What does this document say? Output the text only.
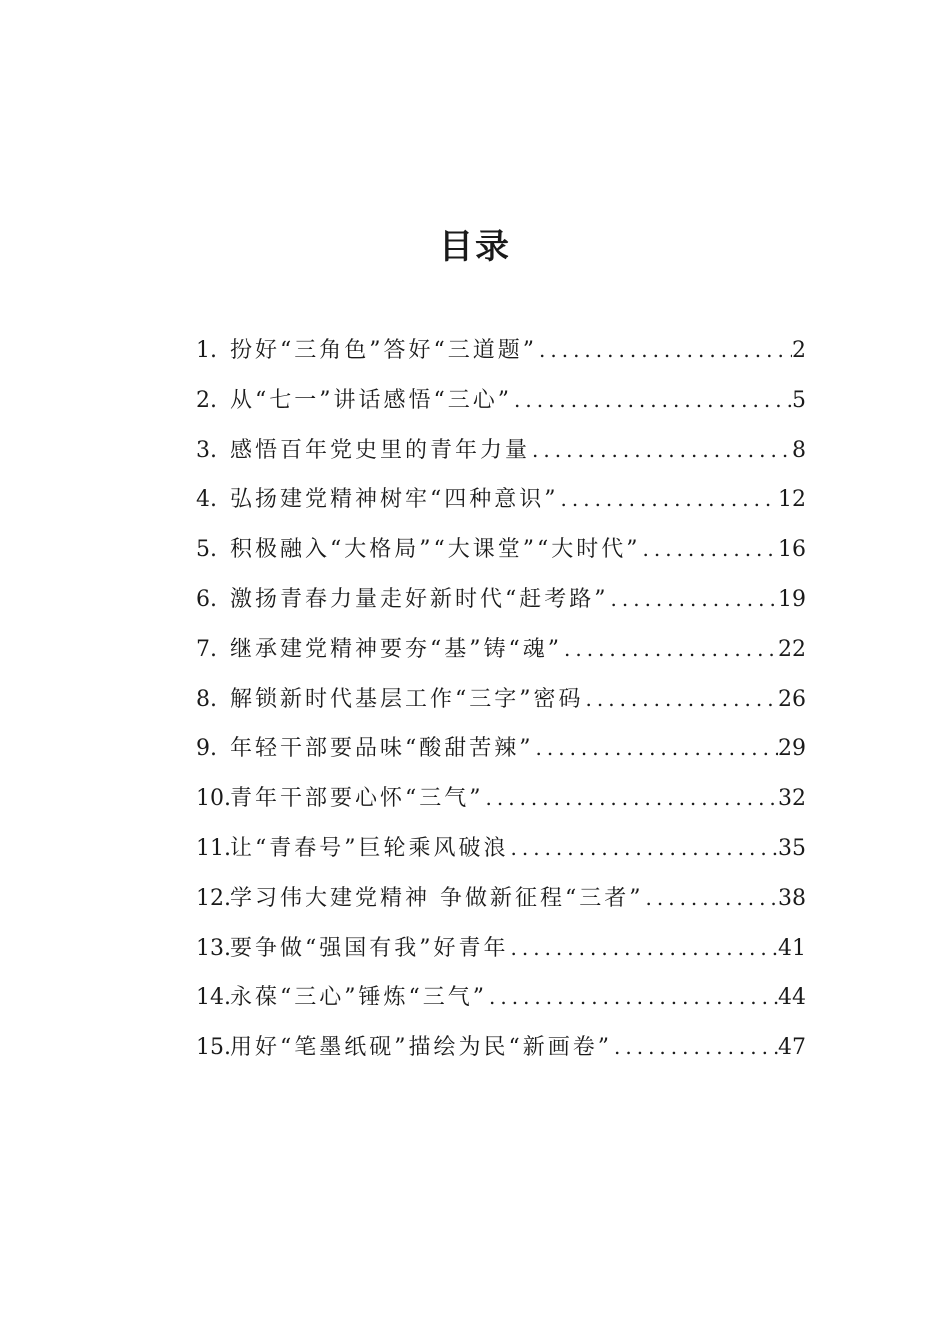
目录
1. 扮好“三角色”答好“三道题” .....	2
2. 从“七一”讲话感悟“三心” .....	5
3. 感悟百年党史里的青年力量 .....	8
4. 弘扬建党精神树牢“四种意识” .....	12
5. 积极融入“大格局”“大课堂”“大时代” .....	16
6. 激扬青春力量走好新时代“赶考路” .....	19
7. 继承建党精神要夯“基”铸“魂” .....	22
8. 解锁新时代基层工作“三字”密码 .....	26
9. 年轻干部要品味“酸甜苦辣” .....	29
10. 青年干部要心怀“三气” .....	32
11. 让“青春号”巨轮乘风破浪 .....	35
12. 学习伟大建党精神 争做新征程“三者” .....	38
13. 要争做“强国有我”好青年 .....	41
14. 永葆“三心”锤炼“三气” .....	44
15. 用好“笔墨纸砚”描绘为民“新画卷” .....	47
